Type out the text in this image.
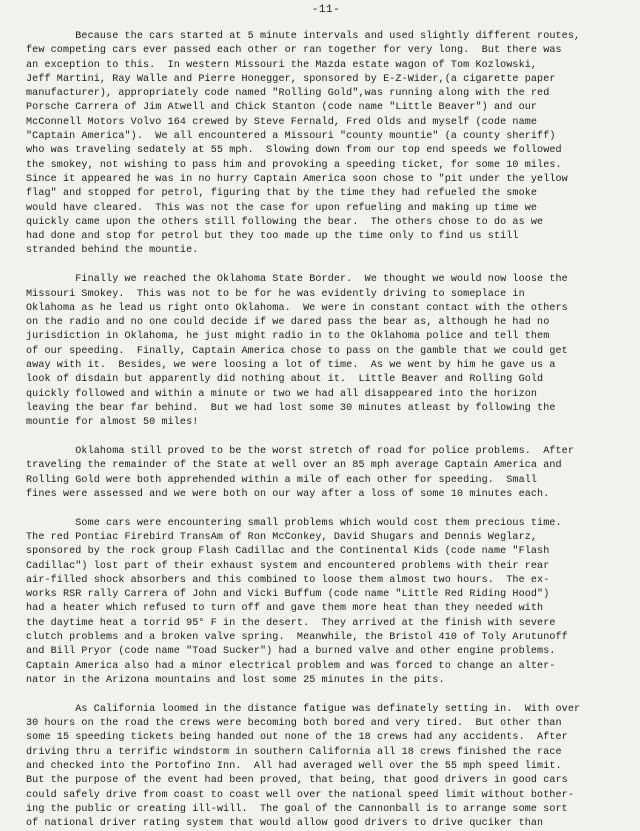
-11-
Because the cars started at 5 minute intervals and used slightly different routes,
few competing cars ever passed each other or ran together for very long.  But there was
an exception to this.  In western Missouri the Mazda estate wagon of Tom Kozlowski,
Jeff Martini, Ray Walle and Pierre Honegger, sponsored by E-Z-Wider,(a cigarette paper
manufacturer), appropriately code named "Rolling Gold",was running along with the red
Porsche Carrera of Jim Atwell and Chick Stanton (code name "Little Beaver") and our
McConnell Motors Volvo 164 crewed by Steve Fernald, Fred Olds and myself (code name
"Captain America").  We all encountered a Missouri "county mountie" (a county sheriff)
who was traveling sedately at 55 mph.  Slowing down from our top end speeds we followed
the smokey, not wishing to pass him and provoking a speeding ticket, for some 10 miles.
Since it appeared he was in no hurry Captain America soon chose to "pit under the yellow
flag" and stopped for petrol, figuring that by the time they had refueled the smoke
would have cleared.  This was not the case for upon refueling and making up time we
quickly came upon the others still following the bear.  The others chose to do as we
had done and stop for petrol but they too made up the time only to find us still
stranded behind the mountie.
Finally we reached the Oklahoma State Border.  We thought we would now loose the
Missouri Smokey.  This was not to be for he was evidently driving to someplace in
Oklahoma as he lead us right onto Oklahoma.  We were in constant contact with the others
on the radio and no one could decide if we dared pass the bear as, although he had no
jurisdiction in Oklahoma, he just might radio in to the Oklahoma police and tell them
of our speeding.  Finally, Captain America chose to pass on the gamble that we could get
away with it.  Besides, we were loosing a lot of time.  As we went by him he gave us a
look of disdain but apparently did nothing about it.  Little Beaver and Rolling Gold
quickly followed and within a minute or two we had all disappeared into the horizon
leaving the bear far behind.  But we had lost some 30 minutes atleast by following the
mountie for almost 50 miles!
Oklahoma still proved to be the worst stretch of road for police problems.  After
traveling the remainder of the State at well over an 85 mph average Captain America and
Rolling Gold were both apprehended within a mile of each other for speeding.  Small
fines were assessed and we were both on our way after a loss of some 10 minutes each.
Some cars were encountering small problems which would cost them precious time.
The red Pontiac Firebird TransAm of Ron McConkey, David Shugars and Dennis Weglarz,
sponsored by the rock group Flash Cadillac and the Continental Kids (code name "Flash
Cadillac") lost part of their exhaust system and encountered problems with their rear
air-filled shock absorbers and this combined to loose them almost two hours.  The ex-
works RSR rally Carrera of John and Vicki Buffum (code name "Little Red Riding Hood")
had a heater which refused to turn off and gave them more heat than they needed with
the daytime heat a torrid 95° F in the desert.  They arrived at the finish with severe
clutch problems and a broken valve spring.  Meanwhile, the Bristol 410 of Toly Arutunoff
and Bill Pryor (code name "Toad Sucker") had a burned valve and other engine problems.
Captain America also had a minor electrical problem and was forced to change an alter-
nator in the Arizona mountains and lost some 25 minutes in the pits.
As California loomed in the distance fatigue was definately setting in.  With over
30 hours on the road the crews were becoming both bored and very tired.  But other than
some 15 speeding tickets being handed out none of the 18 crews had any accidents.  After
driving thru a terrific windstorm in southern California all 18 crews finished the race
and checked into the Portofino Inn.  All had averaged well over the 55 mph speed limit.
But the purpose of the event had been proved, that being, that good drivers in good cars
could safely drive from coast to coast well over the national speed limit without bother-
ing the public or creating ill-will.  The goal of the Cannonball is to arrange some sort
of national driver rating system that would allow good drivers to drive quciker than
